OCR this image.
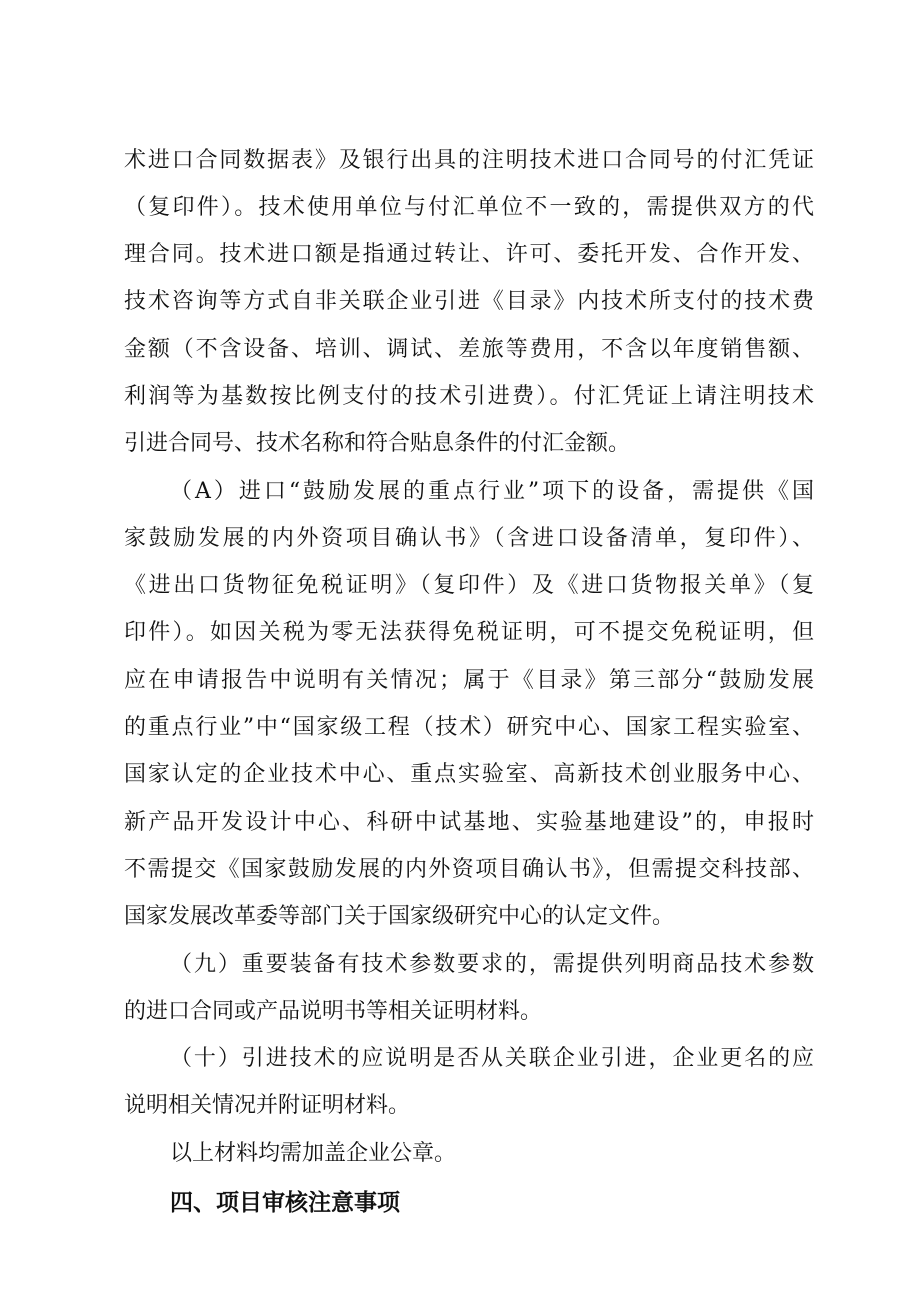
术进口合同数据表》及银行出具的注明技术进口合同号的付汇凭证
（复印件）。技术使用单位与付汇单位不一致的，需提供双方的代
理合同。技术进口额是指通过转让、许可、委托开发、合作开发、
技术咨询等方式自非关联企业引进《目录》内技术所支付的技术费
金额（不含设备、培训、调试、差旅等费用，不含以年度销售额、
利润等为基数按比例支付的技术引进费）。付汇凭证上请注明技术
引进合同号、技术名称和符合贴息条件的付汇金额。
（A）进口“鼓励发展的重点行业”项下的设备，需提供《国
家鼓励发展的内外资项目确认书》（含进口设备清单，复印件）、
《进出口货物征免税证明》（复印件）及《进口货物报关单》（复
印件）。如因关税为零无法获得免税证明，可不提交免税证明，但
应在申请报告中说明有关情况；属于《目录》第三部分“鼓励发展
的重点行业”中“国家级工程（技术）研究中心、国家工程实验室、
国家认定的企业技术中心、重点实验室、高新技术创业服务中心、
新产品开发设计中心、科研中试基地、实验基地建设”的，申报时
不需提交《国家鼓励发展的内外资项目确认书》，但需提交科技部、
国家发展改革委等部门关于国家级研究中心的认定文件。
（九）重要装备有技术参数要求的，需提供列明商品技术参数
的进口合同或产品说明书等相关证明材料。
（十）引进技术的应说明是否从关联企业引进，企业更名的应
说明相关情况并附证明材料。
以上材料均需加盖企业公章。
四、项目审核注意事项
